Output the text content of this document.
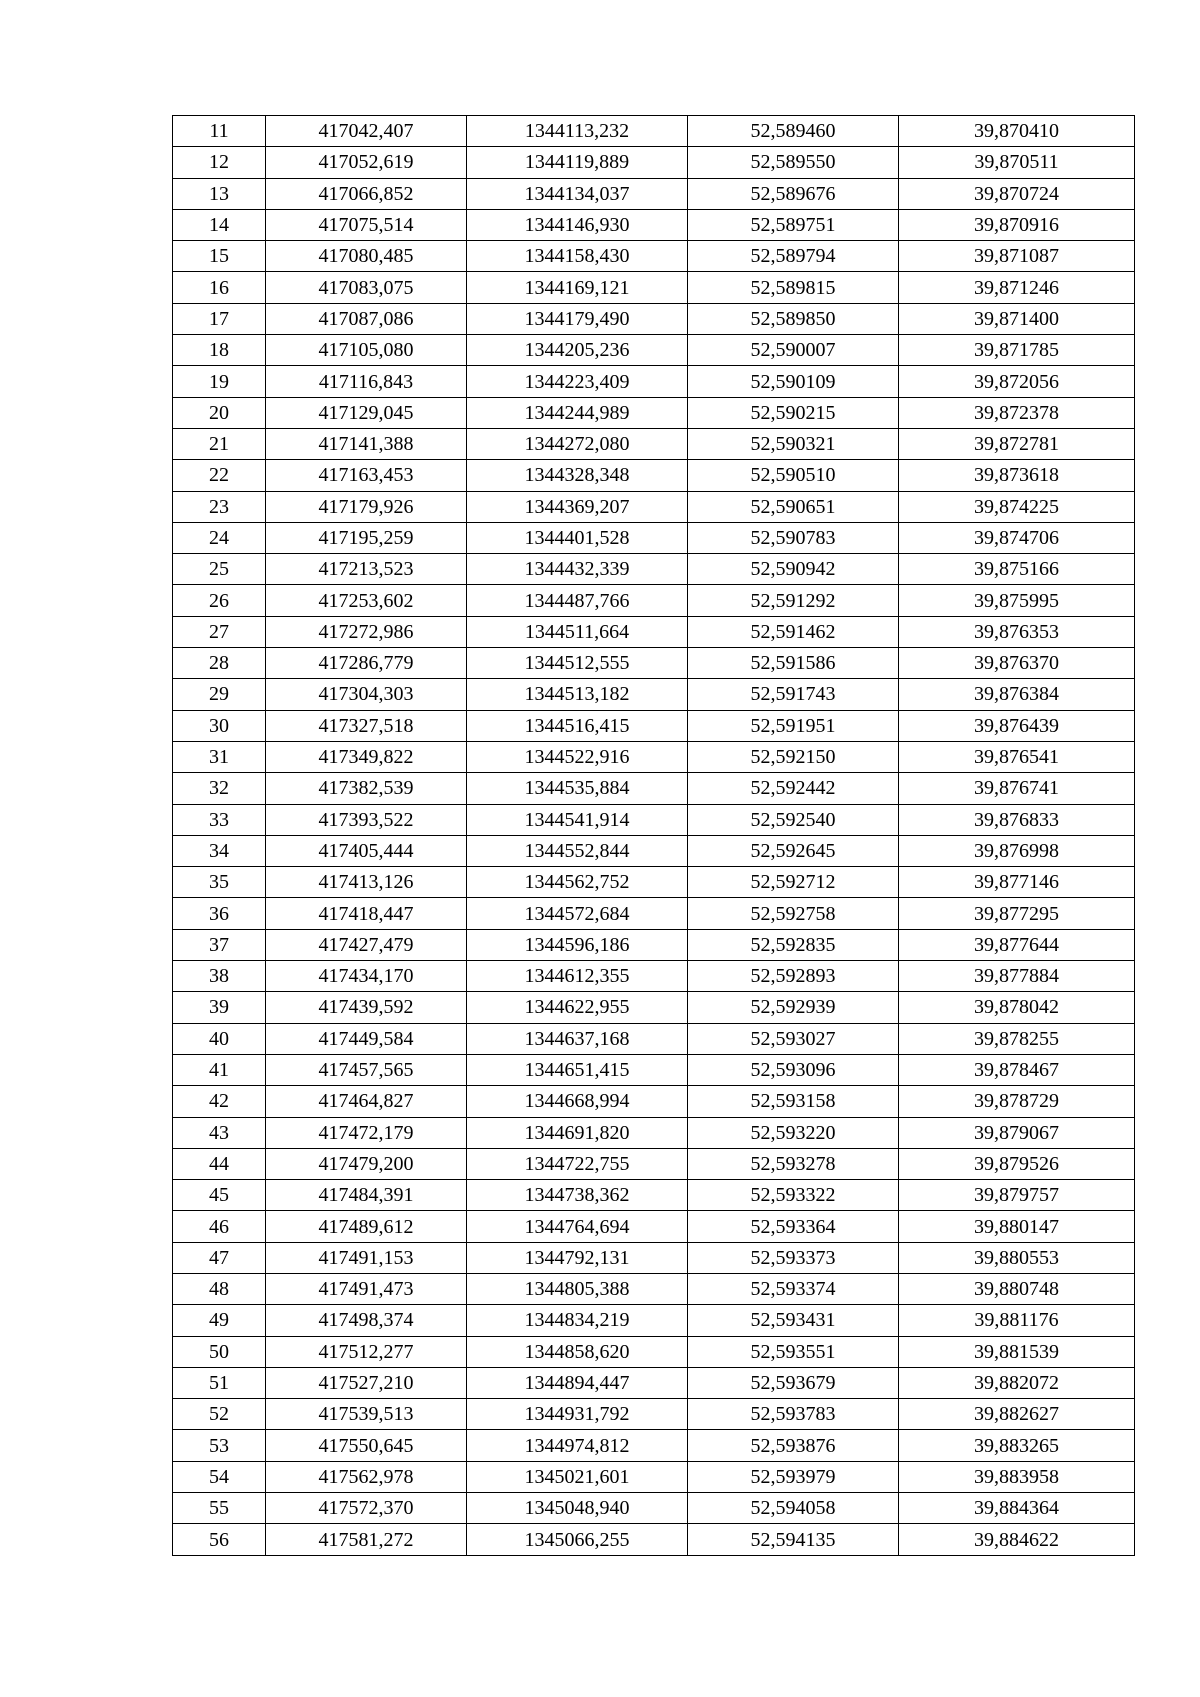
11	417042,407	1344113,232	52,589460	39,870410
12	417052,619	1344119,889	52,589550	39,870511
13	417066,852	1344134,037	52,589676	39,870724
14	417075,514	1344146,930	52,589751	39,870916
15	417080,485	1344158,430	52,589794	39,871087
16	417083,075	1344169,121	52,589815	39,871246
17	417087,086	1344179,490	52,589850	39,871400
18	417105,080	1344205,236	52,590007	39,871785
19	417116,843	1344223,409	52,590109	39,872056
20	417129,045	1344244,989	52,590215	39,872378
21	417141,388	1344272,080	52,590321	39,872781
22	417163,453	1344328,348	52,590510	39,873618
23	417179,926	1344369,207	52,590651	39,874225
24	417195,259	1344401,528	52,590783	39,874706
25	417213,523	1344432,339	52,590942	39,875166
26	417253,602	1344487,766	52,591292	39,875995
27	417272,986	1344511,664	52,591462	39,876353
28	417286,779	1344512,555	52,591586	39,876370
29	417304,303	1344513,182	52,591743	39,876384
30	417327,518	1344516,415	52,591951	39,876439
31	417349,822	1344522,916	52,592150	39,876541
32	417382,539	1344535,884	52,592442	39,876741
33	417393,522	1344541,914	52,592540	39,876833
34	417405,444	1344552,844	52,592645	39,876998
35	417413,126	1344562,752	52,592712	39,877146
36	417418,447	1344572,684	52,592758	39,877295
37	417427,479	1344596,186	52,592835	39,877644
38	417434,170	1344612,355	52,592893	39,877884
39	417439,592	1344622,955	52,592939	39,878042
40	417449,584	1344637,168	52,593027	39,878255
41	417457,565	1344651,415	52,593096	39,878467
42	417464,827	1344668,994	52,593158	39,878729
43	417472,179	1344691,820	52,593220	39,879067
44	417479,200	1344722,755	52,593278	39,879526
45	417484,391	1344738,362	52,593322	39,879757
46	417489,612	1344764,694	52,593364	39,880147
47	417491,153	1344792,131	52,593373	39,880553
48	417491,473	1344805,388	52,593374	39,880748
49	417498,374	1344834,219	52,593431	39,881176
50	417512,277	1344858,620	52,593551	39,881539
51	417527,210	1344894,447	52,593679	39,882072
52	417539,513	1344931,792	52,593783	39,882627
53	417550,645	1344974,812	52,593876	39,883265
54	417562,978	1345021,601	52,593979	39,883958
55	417572,370	1345048,940	52,594058	39,884364
56	417581,272	1345066,255	52,594135	39,884622
